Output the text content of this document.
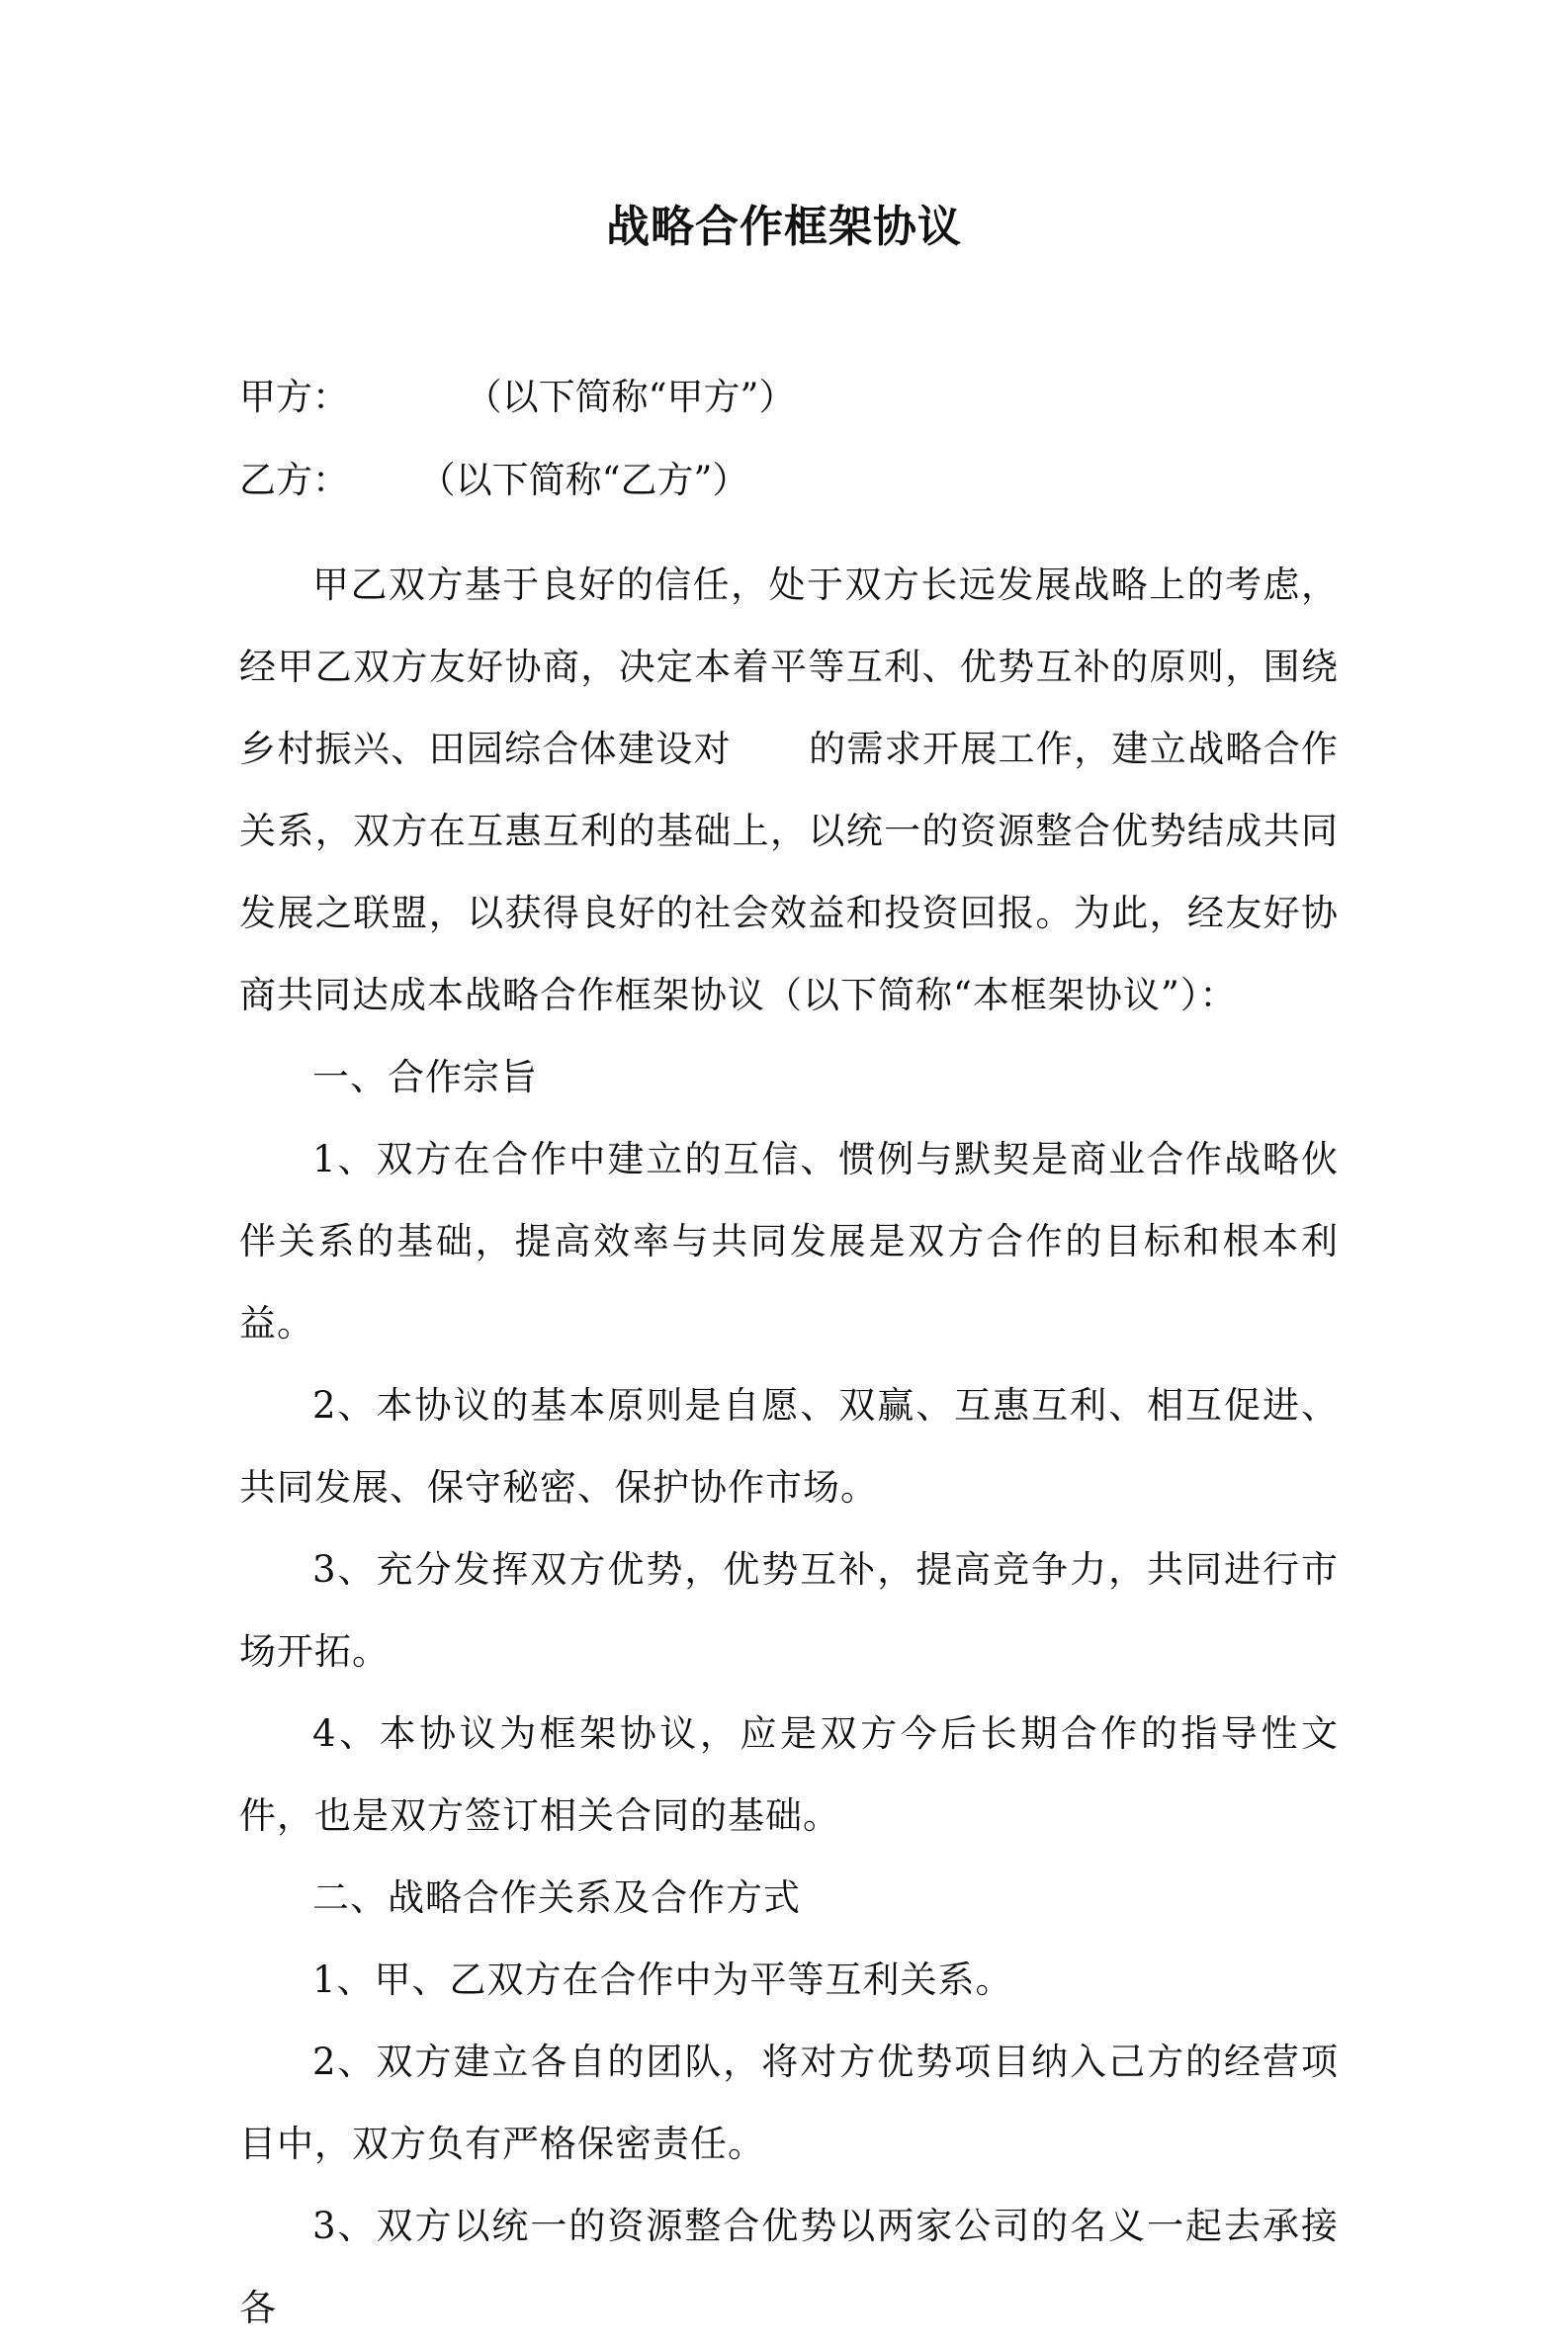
战略合作框架协议
甲方：          （以下简称“甲方”）
乙方：      （以下简称“乙方”）

甲乙双方基于良好的信任，处于双方长远发展战略上的考虑，经甲乙双方友好协商，决定本着平等互利、优势互补的原则，围绕乡村振兴、田园综合体建设对      的需求开展工作，建立战略合作关系，双方在互惠互利的基础上，以统一的资源整合优势结成共同发展之联盟，以获得良好的社会效益和投资回报。为此，经友好协商共同达成本战略合作框架协议（以下简称“本框架协议”）：

一、合作宗旨

1、双方在合作中建立的互信、惯例与默契是商业合作战略伙伴关系的基础，提高效率与共同发展是双方合作的目标和根本利益。

2、本协议的基本原则是自愿、双赢、互惠互利、相互促进、共同发展、保守秘密、保护协作市场。

3、充分发挥双方优势，优势互补，提高竞争力，共同进行市场开拓。

4、本协议为框架协议，应是双方今后长期合作的指导性文件，也是双方签订相关合同的基础。

二、战略合作关系及合作方式

1、甲、乙双方在合作中为平等互利关系。

2、双方建立各自的团队，将对方优势项目纳入己方的经营项目中，双方负有严格保密责任。

3、双方以统一的资源整合优势以两家公司的名义一起去承接各
